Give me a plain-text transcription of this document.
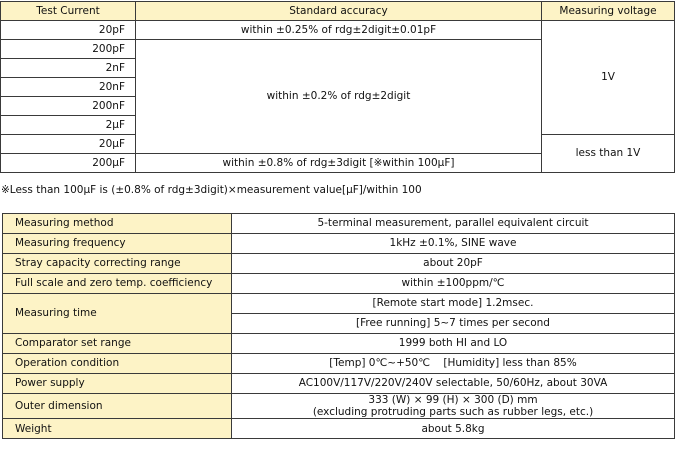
Test Current	Standard accuracy	Measuring voltage
20pF	within ±0.25% of rdg±2digit±0.01pF	1V
200pF	within ±0.2% of rdg±2digit	
2nF		
20nF		
200nF		
2μF		
20μF		less than 1V
200μF	within ±0.8% of rdg±3digit [※within 100μF]	
※Less than 100μF is (±0.8% of rdg±3digit)×measurement value[μF]/within 100
Measuring method	5-terminal measurement, parallel equivalent circuit
Measuring frequency	1kHz ±0.1%, SINE wave
Stray capacity correcting range	about 20pF
Full scale and zero temp. coefficiency	within ±100ppm/℃
Measuring time	[Remote start mode] 1.2msec.
	[Free running] 5~7 times per second
Comparator set range	1999 both HI and LO
Operation condition	[Temp] 0℃~+50℃    [Humidity] less than 85%
Power supply	AC100V/117V/220V/240V selectable, 50/60Hz, about 30VA
Outer dimension	333 (W) × 99 (H) × 300 (D) mm
(excluding protruding parts such as rubber legs, etc.)

Weight	about 5.8kg
